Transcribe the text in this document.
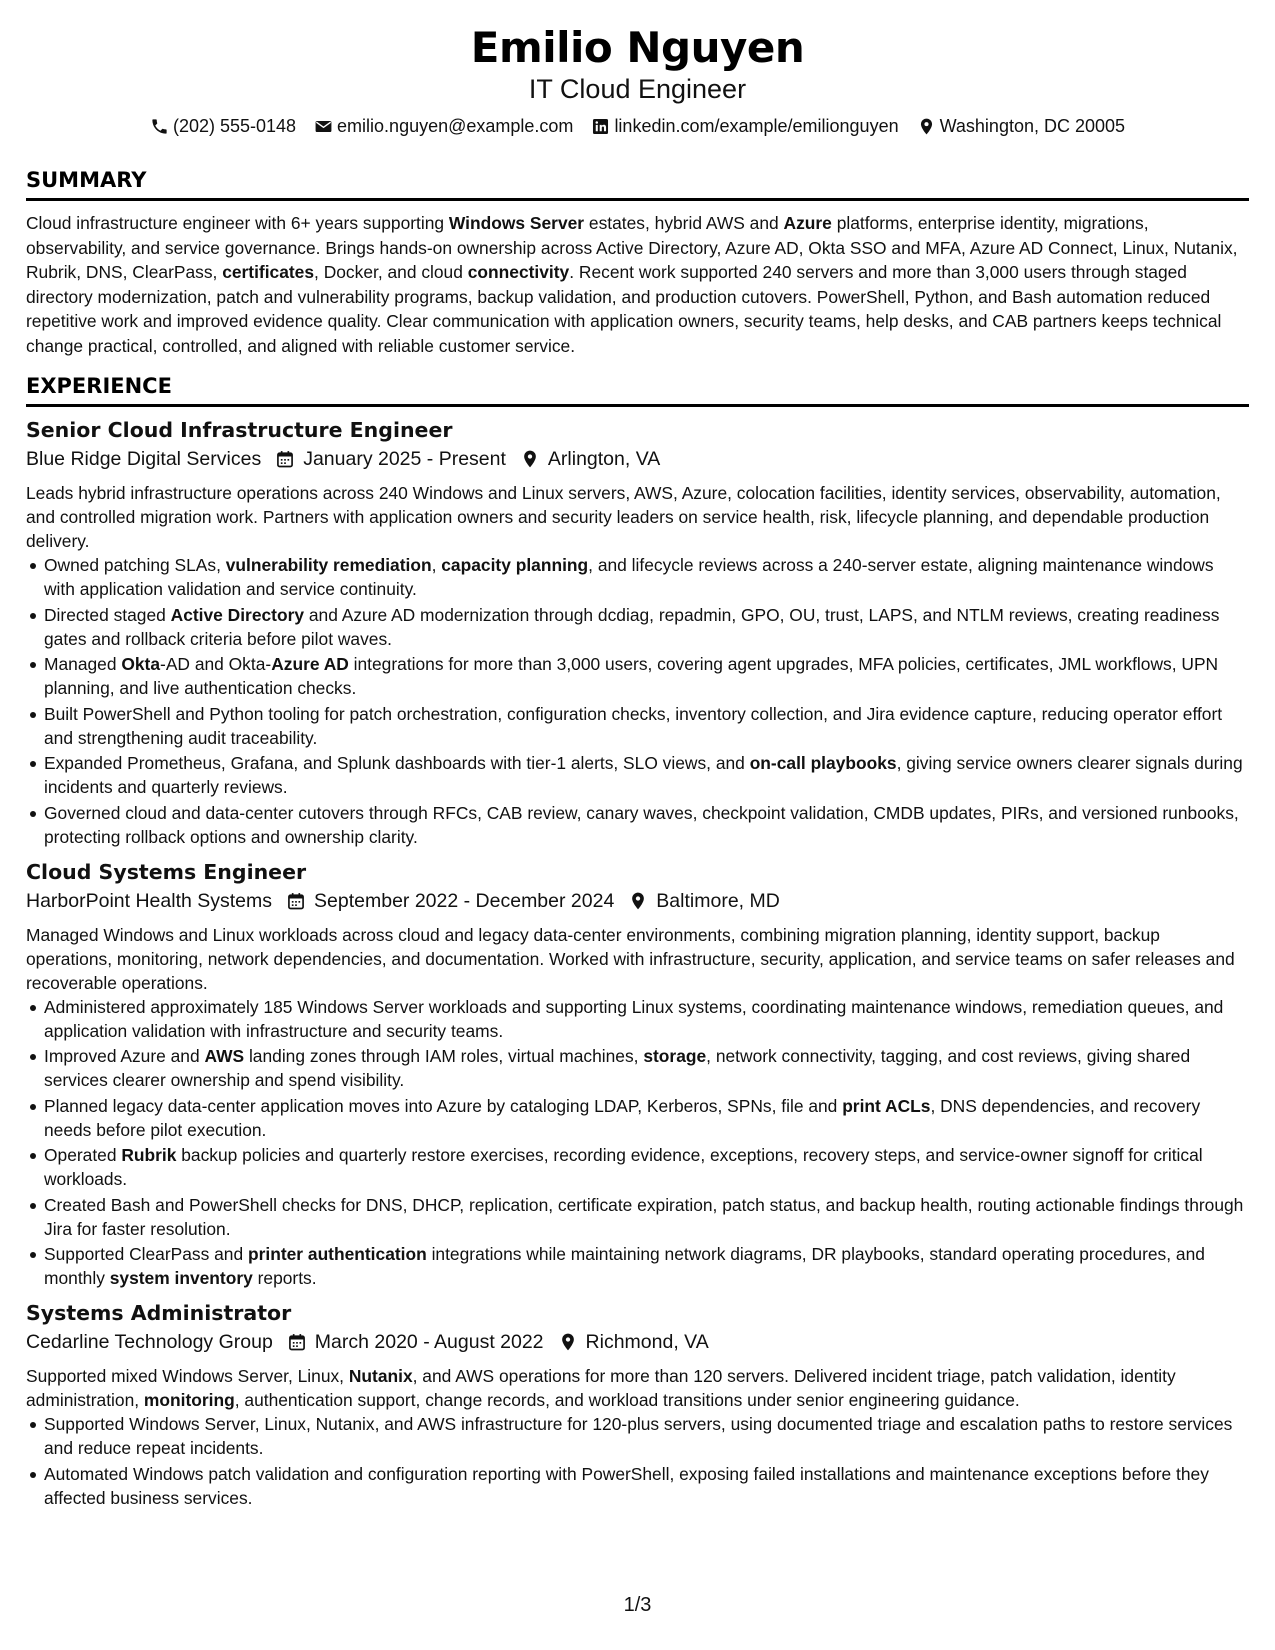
Emilio Nguyen
IT Cloud Engineer
(202) 555-0148 emilio.nguyen@example.com linkedin.com/example/emilionguyen Washington, DC 20005
SUMMARY

Cloud infrastructure engineer with 6+ years supporting Windows Server estates, hybrid AWS and Azure platforms, enterprise identity, migrations, observability, and service governance. Brings hands-on ownership across Active Directory, Azure AD, Okta SSO and MFA, Azure AD Connect, Linux, Nutanix, Rubrik, DNS, ClearPass, certificates, Docker, and cloud connectivity. Recent work supported 240 servers and more than 3,000 users through staged directory modernization, patch and vulnerability programs, backup validation, and production cutovers. PowerShell, Python, and Bash automation reduced repetitive work and improved evidence quality. Clear communication with application owners, security teams, help desks, and CAB partners keeps technical change practical, controlled, and aligned with reliable customer service.

EXPERIENCE
Senior Cloud Infrastructure Engineer
Blue Ridge Digital Services January 2025 - Present Arlington, VA

Leads hybrid infrastructure operations across 240 Windows and Linux servers, AWS, Azure, colocation facilities, identity services, observability, automation, and controlled migration work. Partners with application owners and security leaders on service health, risk, lifecycle planning, and dependable production delivery.

Owned patching SLAs, vulnerability remediation, capacity planning, and lifecycle reviews across a 240-server estate, aligning maintenance windows with application validation and service continuity.
Directed staged Active Directory and Azure AD modernization through dcdiag, repadmin, GPO, OU, trust, LAPS, and NTLM reviews, creating readiness gates and rollback criteria before pilot waves.
Managed Okta-AD and Okta-Azure AD integrations for more than 3,000 users, covering agent upgrades, MFA policies, certificates, JML workflows, UPN planning, and live authentication checks.
Built PowerShell and Python tooling for patch orchestration, configuration checks, inventory collection, and Jira evidence capture, reducing operator effort and strengthening audit traceability.
Expanded Prometheus, Grafana, and Splunk dashboards with tier-1 alerts, SLO views, and on-call playbooks, giving service owners clearer signals during incidents and quarterly reviews.
Governed cloud and data-center cutovers through RFCs, CAB review, canary waves, checkpoint validation, CMDB updates, PIRs, and versioned runbooks, protecting rollback options and ownership clarity.
Cloud Systems Engineer
HarborPoint Health Systems September 2022 - December 2024 Baltimore, MD

Managed Windows and Linux workloads across cloud and legacy data-center environments, combining migration planning, identity support, backup operations, monitoring, network dependencies, and documentation. Worked with infrastructure, security, application, and service teams on safer releases and recoverable operations.

Administered approximately 185 Windows Server workloads and supporting Linux systems, coordinating maintenance windows, remediation queues, and application validation with infrastructure and security teams.
Improved Azure and AWS landing zones through IAM roles, virtual machines, storage, network connectivity, tagging, and cost reviews, giving shared services clearer ownership and spend visibility.
Planned legacy data-center application moves into Azure by cataloging LDAP, Kerberos, SPNs, file and print ACLs, DNS dependencies, and recovery needs before pilot execution.
Operated Rubrik backup policies and quarterly restore exercises, recording evidence, exceptions, recovery steps, and service-owner signoff for critical workloads.
Created Bash and PowerShell checks for DNS, DHCP, replication, certificate expiration, patch status, and backup health, routing actionable findings through Jira for faster resolution.
Supported ClearPass and printer authentication integrations while maintaining network diagrams, DR playbooks, standard operating procedures, and monthly system inventory reports.
Systems Administrator
Cedarline Technology Group March 2020 - August 2022 Richmond, VA

Supported mixed Windows Server, Linux, Nutanix, and AWS operations for more than 120 servers. Delivered incident triage, patch validation, identity administration, monitoring, authentication support, change records, and workload transitions under senior engineering guidance.

Supported Windows Server, Linux, Nutanix, and AWS infrastructure for 120-plus servers, using documented triage and escalation paths to restore services and reduce repeat incidents.
Automated Windows patch validation and configuration reporting with PowerShell, exposing failed installations and maintenance exceptions before they affected business services.
1/3
